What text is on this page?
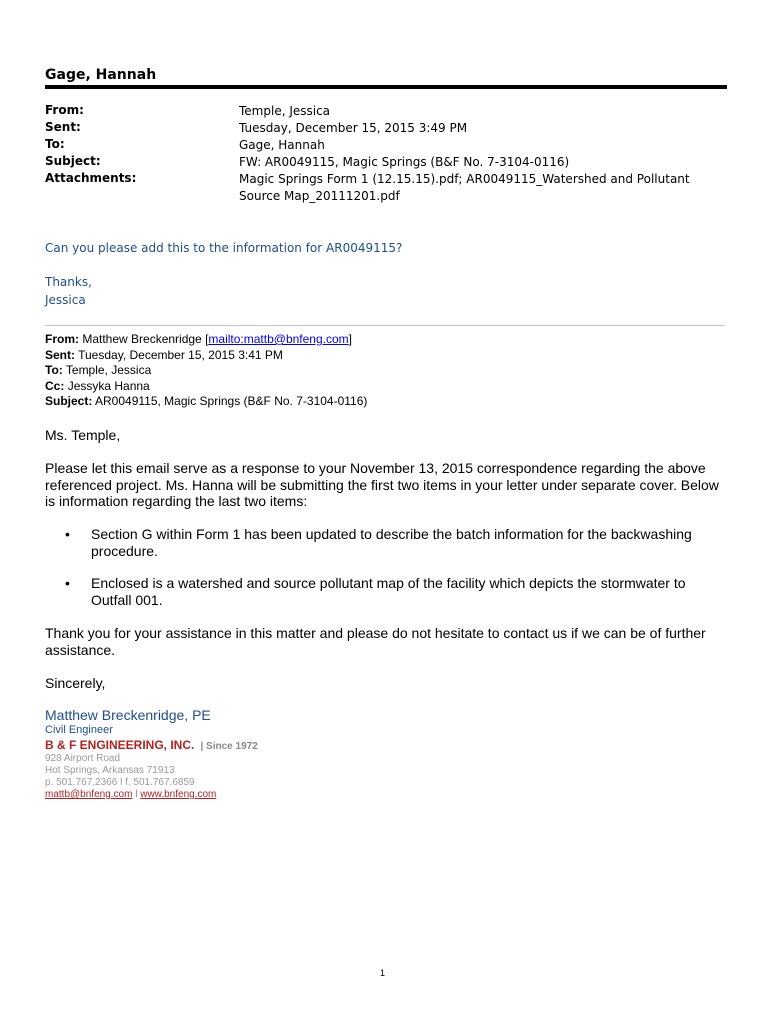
Gage, Hannah
From:	Temple, Jessica
Sent:	Tuesday, December 15, 2015 3:49 PM
To:	Gage, Hannah
Subject:	FW: AR0049115, Magic Springs (B&F No. 7-3104-0116)
Attachments:	Magic Springs Form 1 (12.15.15).pdf; AR0049115_Watershed and Pollutant Source Map_20111201.pdf
Can you please add this to the information for AR0049115?
Thanks,
Jessica
From: Matthew Breckenridge [mailto:mattb@bnfeng.com]
Sent: Tuesday, December 15, 2015 3:41 PM
To: Temple, Jessica
Cc: Jessyka Hanna
Subject: AR0049115, Magic Springs (B&F No. 7-3104-0116)
Ms. Temple,
Please let this email serve as a response to your November 13, 2015 correspondence regarding the above referenced project. Ms. Hanna will be submitting the first two items in your letter under separate cover. Below is information regarding the last two items:
• Section G within Form 1 has been updated to describe the batch information for the backwashing procedure.
• Enclosed is a watershed and source pollutant map of the facility which depicts the stormwater to Outfall 001.
Thank you for your assistance in this matter and please do not hesitate to contact us if we can be of further assistance.
Sincerely,
Matthew Breckenridge, PE
Civil Engineer
B & F ENGINEERING, INC.  | Since 1972
928 Airport Road
Hot Springs, Arkansas 71913
p. 501.767.2366 l f. 501.767.6859
mattb@bnfeng.com l www.bnfeng.com
1
